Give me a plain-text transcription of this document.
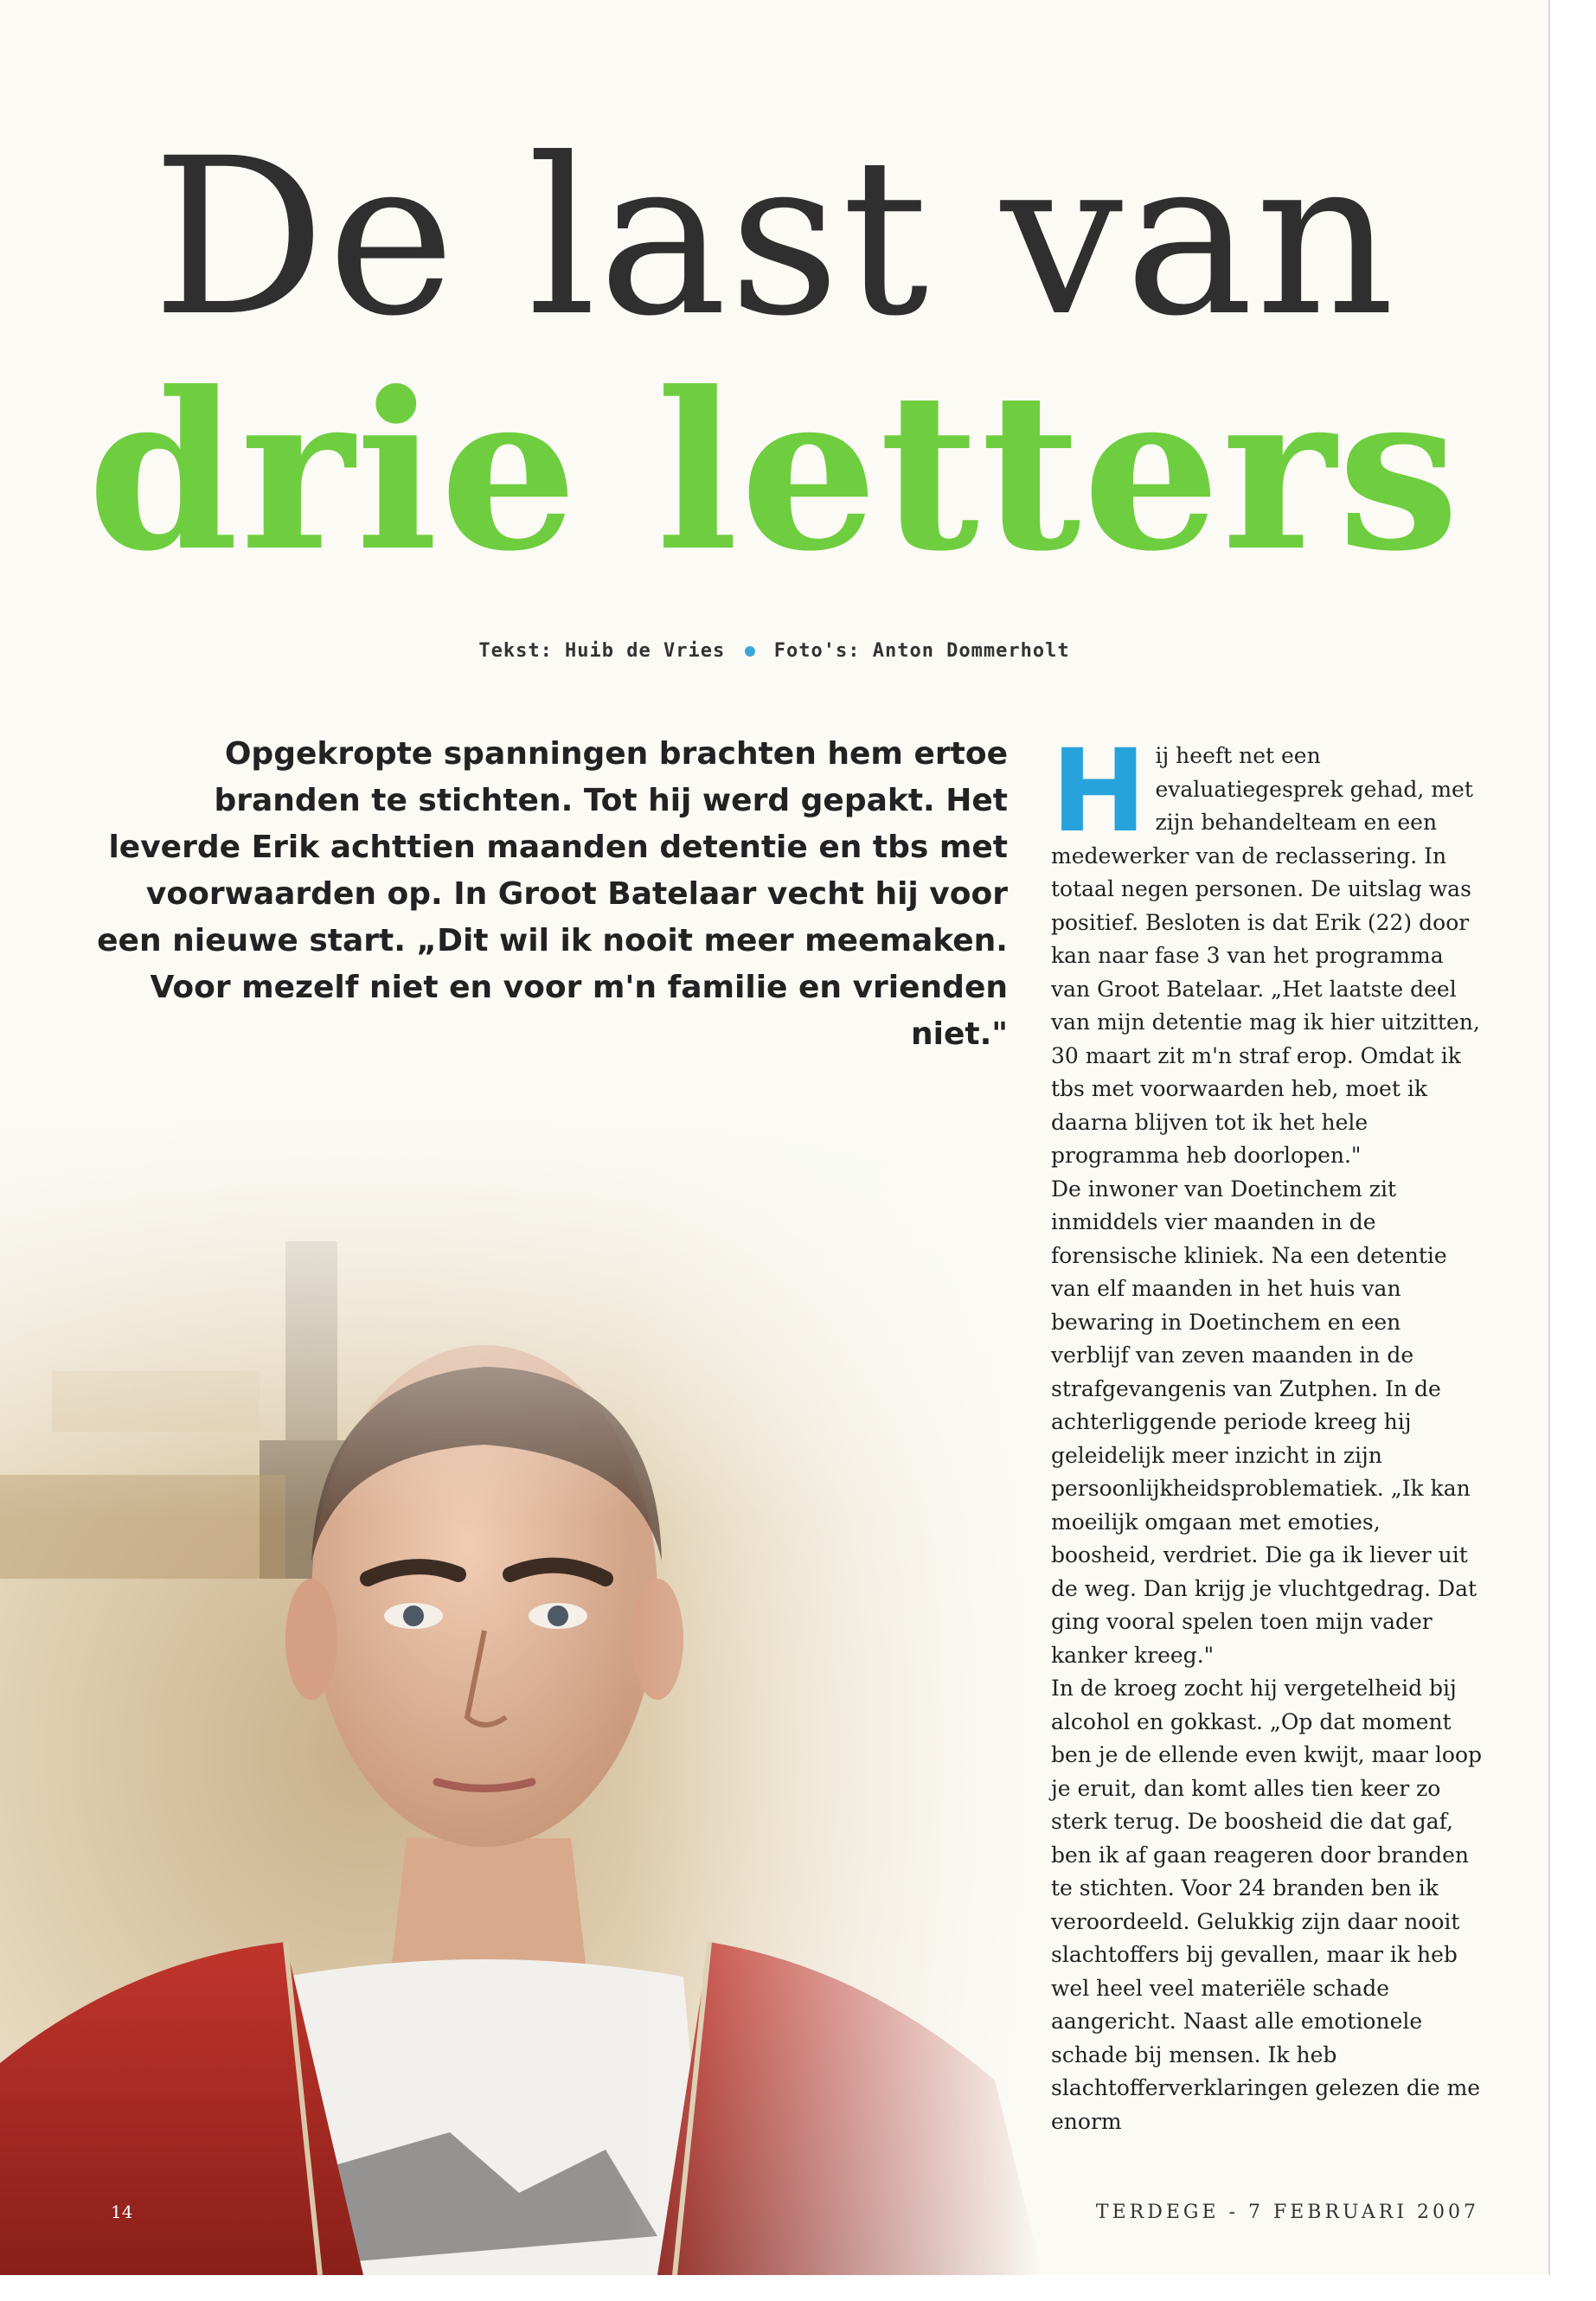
De last van
drie letters
Tekst: Huib de Vries	Foto's: Anton Dommerholt

Opgekropte spanningen brachten hem ertoe branden te stichten. Tot hij werd gepakt. Het leverde Erik achttien maanden detentie en tbs met voorwaarden op. In Groot Batelaar vecht hij voor een nieuwe start. „Dit wil ik nooit meer meemaken. Voor mezelf niet en voor m'n familie en vrienden niet."

H ij heeft net een evaluatiegesprek gehad, met zijn behandelteam en een medewerker van de reclassering. In totaal negen personen. De uitslag was positief. Besloten is dat Erik (22) door kan naar fase 3 van het programma van Groot Batelaar. „Het laatste deel van mijn detentie mag ik hier uitzitten, 30 maart zit m'n straf erop. Omdat ik tbs met voorwaarden heb, moet ik daarna blijven tot ik het hele programma heb doorlopen."

De inwoner van Doetinchem zit inmiddels vier maanden in de forensische kliniek. Na een detentie van elf maanden in het huis van bewaring in Doetinchem en een verblijf van zeven maanden in de strafgevangenis van Zutphen. In de achterliggende periode kreeg hij geleidelijk meer inzicht in zijn persoonlijkheidsproblematiek. „Ik kan moeilijk omgaan met emoties, boosheid, verdriet. Die ga ik liever uit de weg. Dan krijg je vluchtgedrag. Dat ging vooral spelen toen mijn vader kanker kreeg."

In de kroeg zocht hij vergetelheid bij alcohol en gokkast. „Op dat moment ben je de ellende even kwijt, maar loop je eruit, dan komt alles tien keer zo sterk terug. De boosheid die dat gaf, ben ik af gaan reageren door branden te stichten. Voor 24 branden ben ik veroordeeld. Gelukkig zijn daar nooit slachtoffers bij gevallen, maar ik heb wel heel veel materiële schade aangericht. Naast alle emotionele schade bij mensen. Ik heb slachtofferverklaringen gelezen die me enorm

14	TERDEGE - 7 FEBRUARI 2007
